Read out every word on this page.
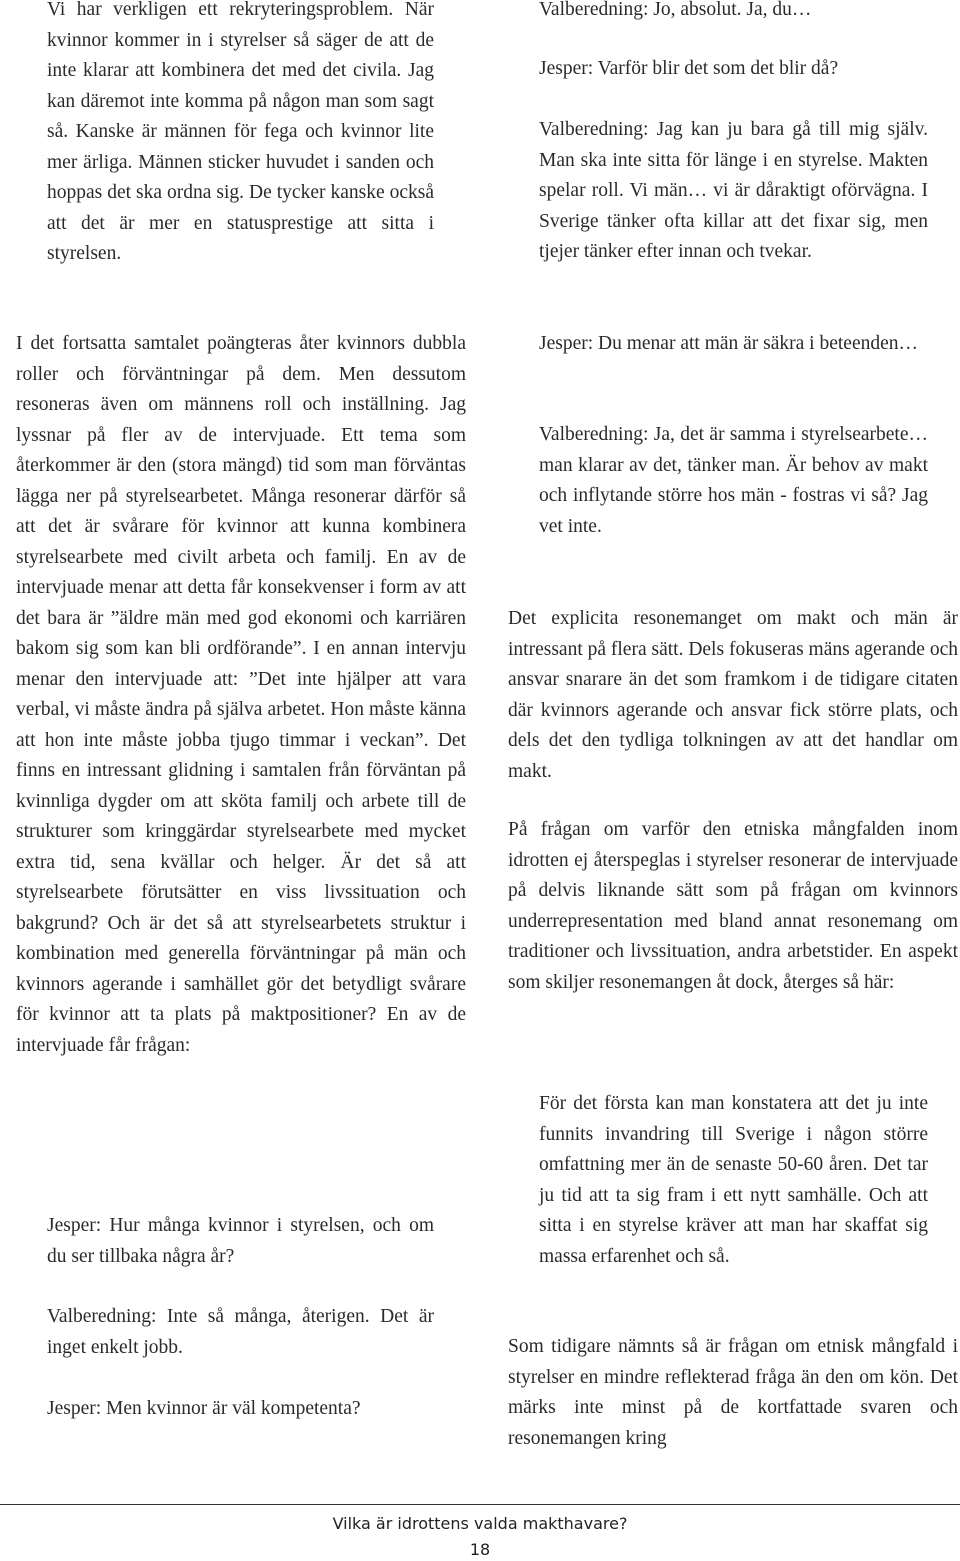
Vi har verkligen ett rekryteringsproblem. När kvinnor kommer in i styrelser så säger de att de inte klarar att kombinera det med det civila. Jag kan däremot inte komma på någon man som sagt så. Kanske är männen för fega och kvinnor lite mer ärliga. Männen sticker huvudet i sanden och hoppas det ska ordna sig. De tycker kanske också att det är mer en statusprestige att sitta i styrelsen.

I det fortsatta samtalet poängteras åter kvinnors dubbla roller och förväntningar på dem. Men dessutom resoneras även om männens roll och inställning. Jag lyssnar på fler av de intervjuade. Ett tema som återkommer är den (stora mängd) tid som man förväntas lägga ner på styrelsearbetet. Många resonerar därför så att det är svårare för kvinnor att kunna kombinera styrelsearbete med civilt arbeta och familj. En av de intervjuade menar att detta får konsekvenser i form av att det bara är ”äldre män med god ekonomi och karriären bakom sig som kan bli ordförande”. I en annan intervju menar den intervjuade att: ”Det inte hjälper att vara verbal, vi måste ändra på själva arbetet. Hon måste känna att hon inte måste jobba tjugo timmar i veckan”. Det finns en intressant glidning i samtalen från förväntan på kvinnliga dygder om att sköta familj och arbete till de strukturer som kringgärdar styrelsearbete med mycket extra tid, sena kvällar och helger. Är det så att styrelsearbete förutsätter en viss livssituation och bakgrund? Och är det så att styrelsearbetets struktur i kombination med generella förväntningar på män och kvinnors agerande i samhället gör det betydligt svårare för kvinnor att ta plats på maktpositioner? En av de intervjuade får frågan:

Jesper: Hur många kvinnor i styrelsen, och om du ser tillbaka några år?

Valberedning: Inte så många, återigen. Det är inget enkelt jobb.

Jesper: Men kvinnor är väl kompetenta?

Valberedning: Jo, absolut. Ja, du…

Jesper: Varför blir det som det blir då?

Valberedning: Jag kan ju bara gå till mig själv. Man ska inte sitta för länge i en styrelse. Makten spelar roll. Vi män… vi är dåraktigt oförvägna. I Sverige tänker ofta killar att det fixar sig, men tjejer tänker efter innan och tvekar.

Jesper: Du menar att män är säkra i beteenden…

Valberedning: Ja, det är samma i styrelsearbete… man klarar av det, tänker man. Är behov av makt och inflytande större hos män - fostras vi så? Jag vet inte.

Det explicita resonemanget om makt och män är intressant på flera sätt. Dels fokuseras mäns agerande och ansvar snarare än det som framkom i de tidigare citaten där kvinnors agerande och ansvar fick större plats, och dels det den tydliga tolkningen av att det handlar om makt.

På frågan om varför den etniska mångfalden inom idrotten ej återspeglas i styrelser resonerar de intervjuade på delvis liknande sätt som på frågan om kvinnors underrepresentation med bland annat resonemang om traditioner och livssituation, andra arbetstider. En aspekt som skiljer resonemangen åt dock, återges så här:

För det första kan man konstatera att det ju inte funnits invandring till Sverige i någon större omfattning mer än de senaste 50-60 åren. Det tar ju tid att ta sig fram i ett nytt samhälle. Och att sitta i en styrelse kräver att man har skaffat sig massa erfarenhet och så.

Som tidigare nämnts så är frågan om etnisk mångfald i styrelser en mindre reflekterad fråga än den om kön. Det märks inte minst på de kortfattade svaren och resonemangen kring

Vilka är idrottens valda makthavare?
18
